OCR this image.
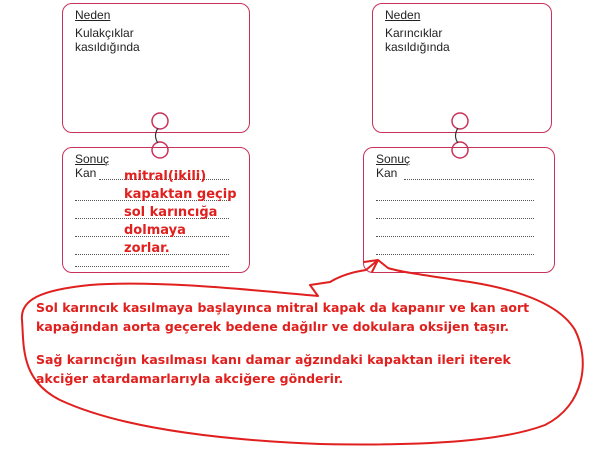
Neden
Kulakçıklar
kasıldığında
Neden
Karıncıklar
kasıldığında
Sonuç
Kan
Sonuç
Kan
mitral(ikili)
kapaktan geçip
sol karıncığa
dolmaya
zorlar.
Sol karıncık kasılmaya başlayınca mitral kapak da kapanır ve kan aort
kapağından aorta geçerek bedene dağılır ve dokulara oksijen taşır.
Sağ karıncığın kasılması kanı damar ağzındaki kapaktan ileri iterek
akciğer atardamarlarıyla akciğere gönderir.
